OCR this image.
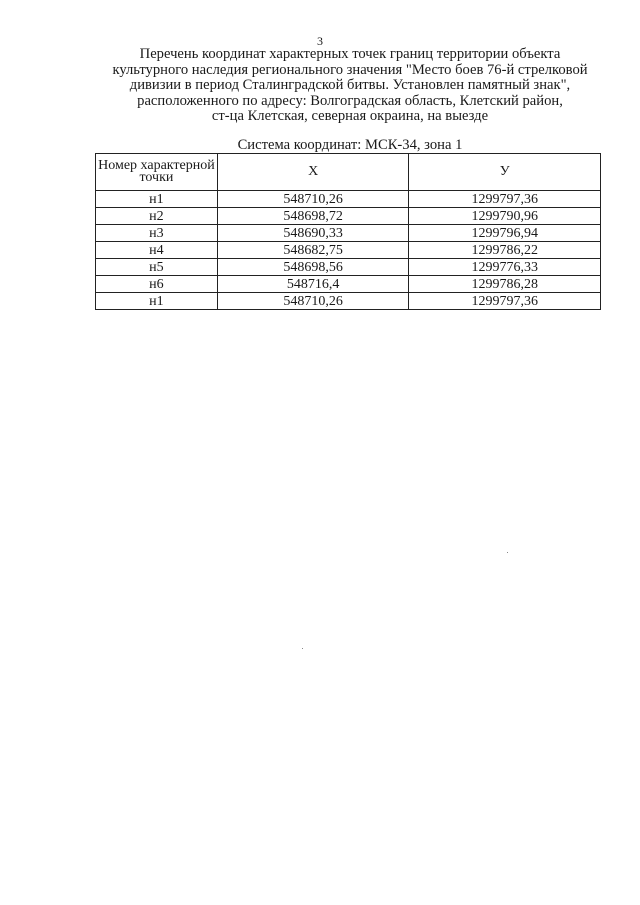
3
Перечень координат характерных точек границ территории объекта
культурного наследия регионального значения "Место боев 76-й стрелковой
дивизии в период Сталинградской битвы. Установлен памятный знак",
расположенного по адресу: Волгоградская область, Клетский район,
ст-ца Клетская, северная окраина, на выезде
Система координат: МСК-34, зона 1
Номер характерной точки	Х	У
н1	548710,26	1299797,36
н2	548698,72	1299790,96
н3	548690,33	1299796,94
н4	548682,75	1299786,22
н5	548698,56	1299776,33
н6	548716,4	1299786,28
н1	548710,26	1299797,36
